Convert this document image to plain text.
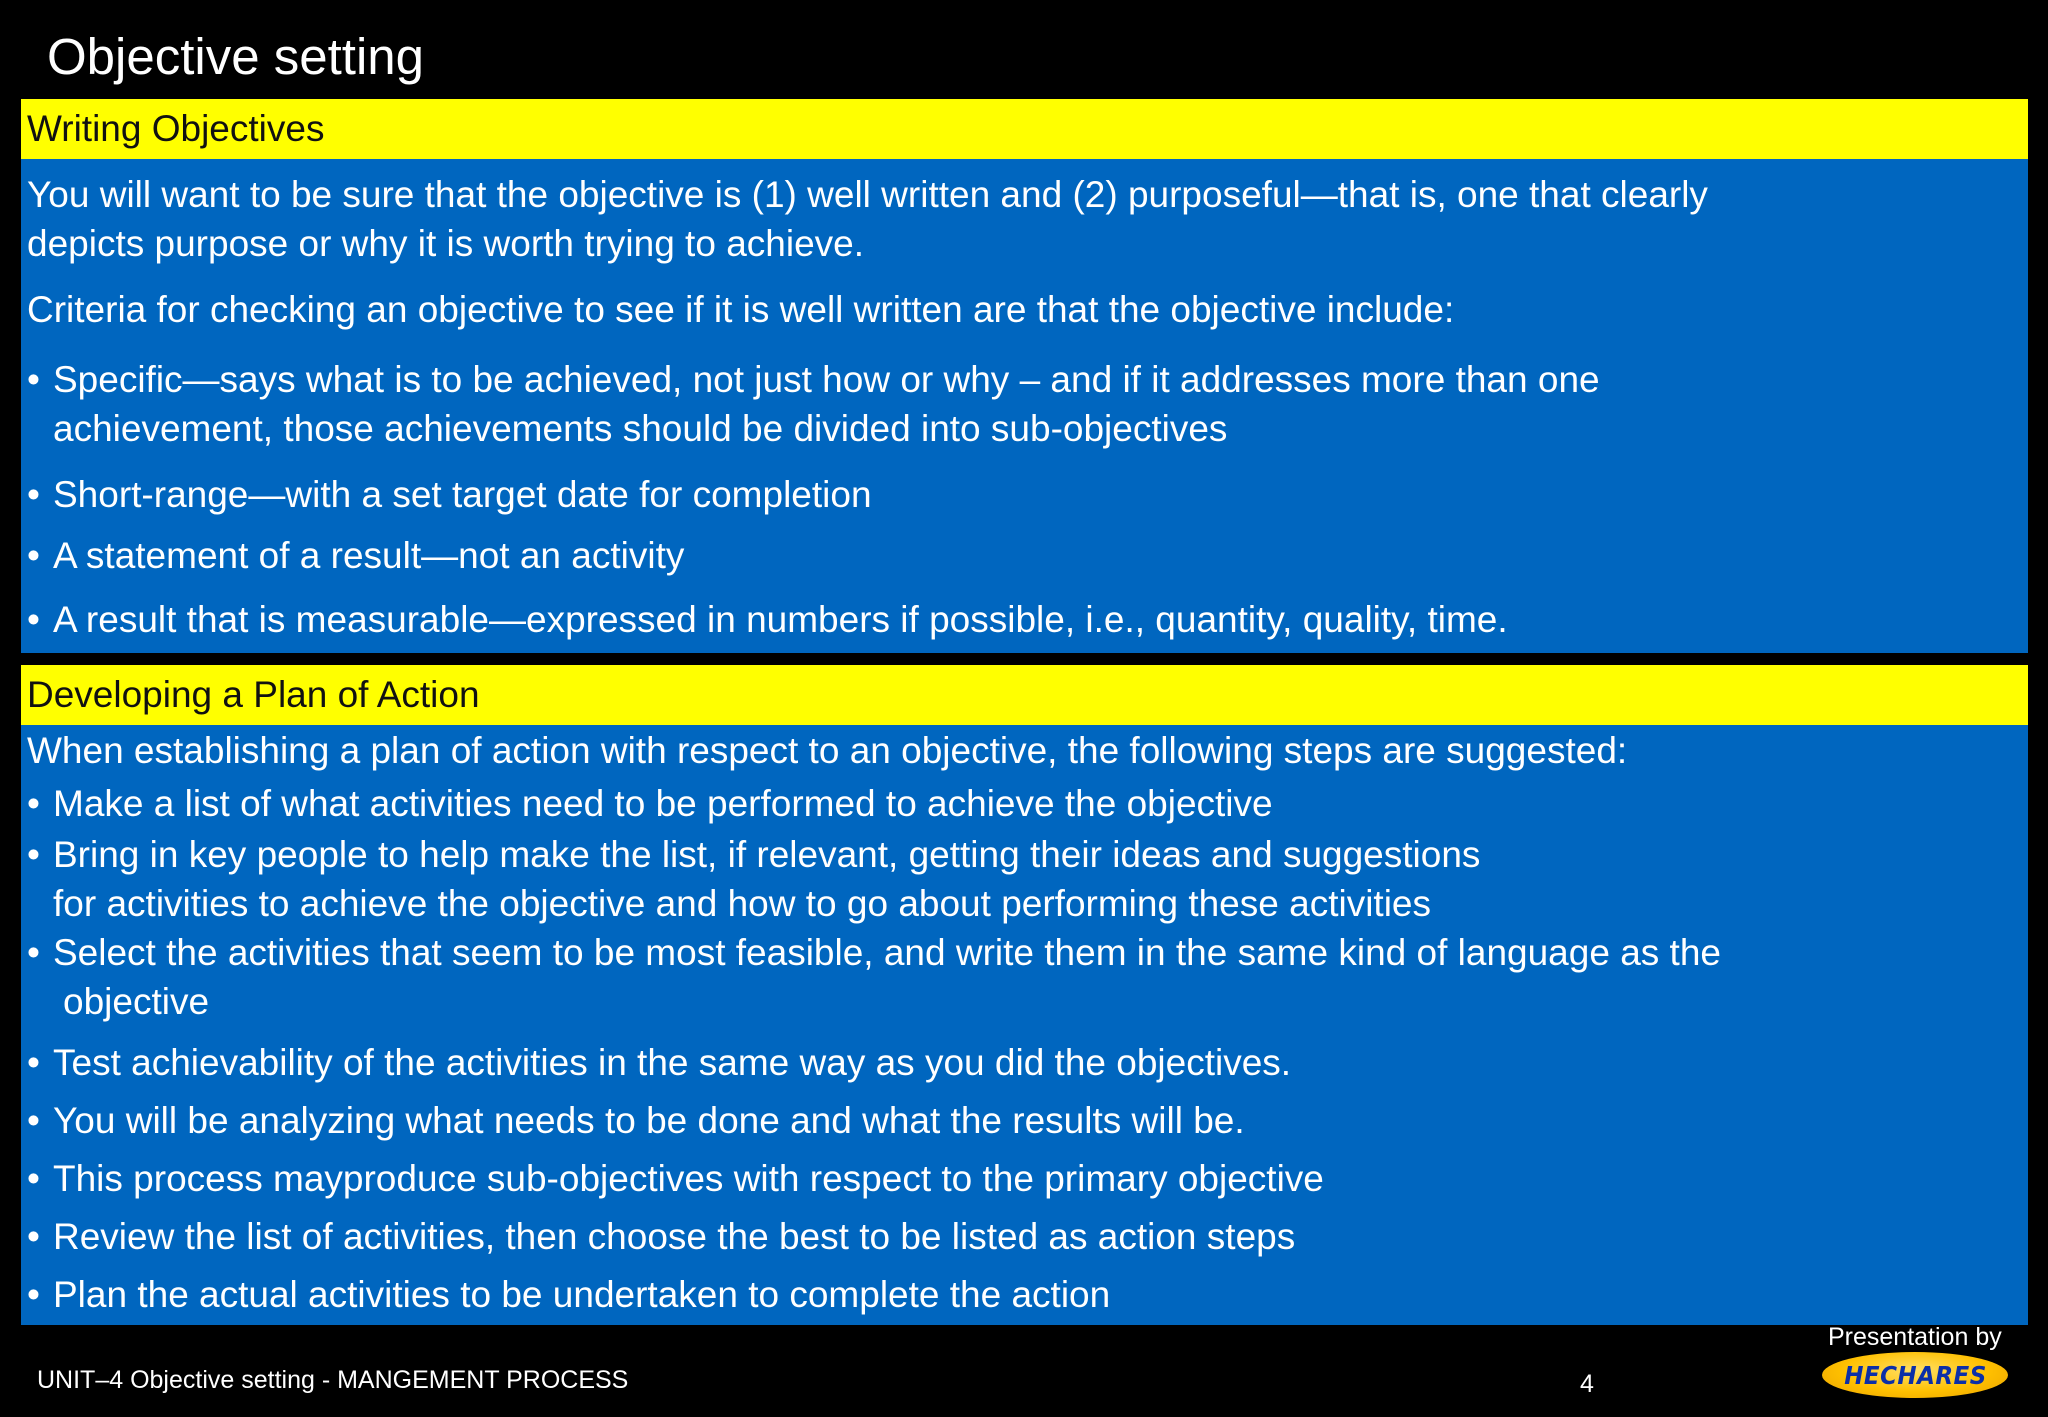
Objective setting
Writing Objectives

You will want to be sure that the objective is (1) well written and (2) purposeful—that is, one that clearly

depicts purpose or why it is worth trying to achieve.

Criteria for checking an objective to see if it is well written are that the objective include:

• Specific—says what is to be achieved, not just how or why – and if it addresses more than one
achievement, those achievements should be divided into sub-objectives
• Short-range—with a set target date for completion
• A statement of a result—not an activity
• A result that is measurable—expressed in numbers if possible, i.e., quantity, quality, time.
Developing a Plan of Action

When establishing a plan of action with respect to an objective, the following steps are suggested:

• Make a list of what activities need to be performed to achieve the objective
• Bring in key people to help make the list, if relevant, getting their ideas and suggestions
for activities to achieve the objective and how to go about performing these activities
• Select the activities that seem to be most feasible, and write them in the same kind of language as the
objective
• Test achievability of the activities in the same way as you did the objectives.
• You will be analyzing what needs to be done and what the results will be.
• This process mayproduce sub-objectives with respect to the primary objective
• Review the list of activities, then choose the best to be listed as action steps
• Plan the actual activities to be undertaken to complete the action
UNIT–4 Objective setting - MANGEMENT PROCESS	4
Presentation by
HECHARES
